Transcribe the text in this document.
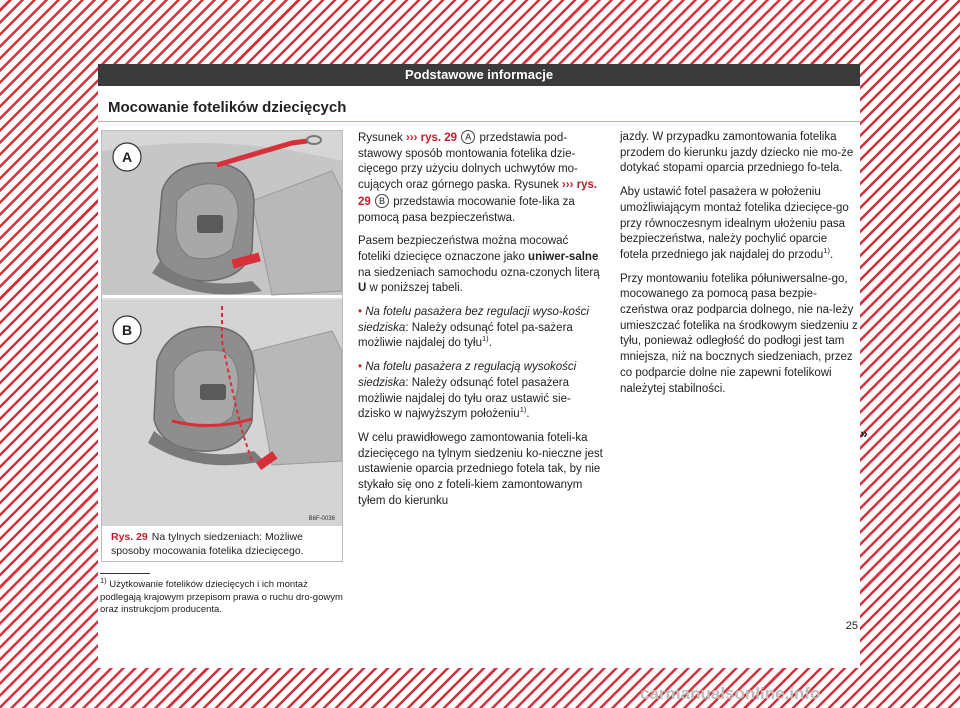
Podstawowe informacje
Mocowanie fotelików dziecięcych
A
B
B6F-0036
Rys. 29 Na tylnych siedzeniach: Możliwe sposoby mocowania fotelika dziecięcego.

Rysunek ››› rys. 29 A przedstawia pod-stawowy sposób montowania fotelika dzie-cięcego przy użyciu dolnych uchwytów mo-cujących oraz górnego paska. Rysunek ››› rys. 29 B przedstawia mocowanie fote-lika za pomocą pasa bezpieczeństwa.

Pasem bezpieczeństwa można mocować foteliki dziecięce oznaczone jako uniwer-salne na siedzeniach samochodu ozna-czonych literą U w poniższej tabeli.

• Na fotelu pasażera bez regulacji wyso-kości siedziska: Należy odsunąć fotel pa-sażera możliwie najdalej do tyłu$^{1)}$.

• Na fotelu pasażera z regulacją wysokości siedziska: Należy odsunąć fotel pasażera możliwie najdalej do tyłu oraz ustawić sie-dzisko w najwyższym położeniu$^{1)}$.

W celu prawidłowego zamontowania foteli-ka dziecięcego na tylnym siedzeniu ko-nieczne jest ustawienie oparcia przedniego fotela tak, by nie stykało się ono z foteli-kiem zamontowanym tyłem do kierunku

jazdy. W przypadku zamontowania fotelika przodem do kierunku jazdy dziecko nie mo-że dotykać stopami oparcia przedniego fo-tela.

Aby ustawić fotel pasażera w położeniu umożliwiającym montaż fotelika dziecięce-go przy równoczesnym idealnym ułożeniu pasa bezpieczeństwa, należy pochylić oparcie fotela przedniego jak najdalej do przodu$^{1)}$.

Przy montowaniu fotelika półuniwersalne-go, mocowanego za pomocą pasa bezpie-czeństwa oraz podparcia dolnego, nie na-leży umieszczać fotelika na środkowym siedzeniu z tyłu, ponieważ odległość do podłogi jest tam mniejsza, niż na bocznych siedzeniach, przez co podparcie dolne nie zapewni fotelikowi należytej stabilności.

»
$^{1)}$ Użytkowanie fotelików dziecięcych i ich montaż podlegają krajowym przepisom prawa o ruchu dro-gowym oraz instrukcjom producenta.
25
carmanualsonline.info
